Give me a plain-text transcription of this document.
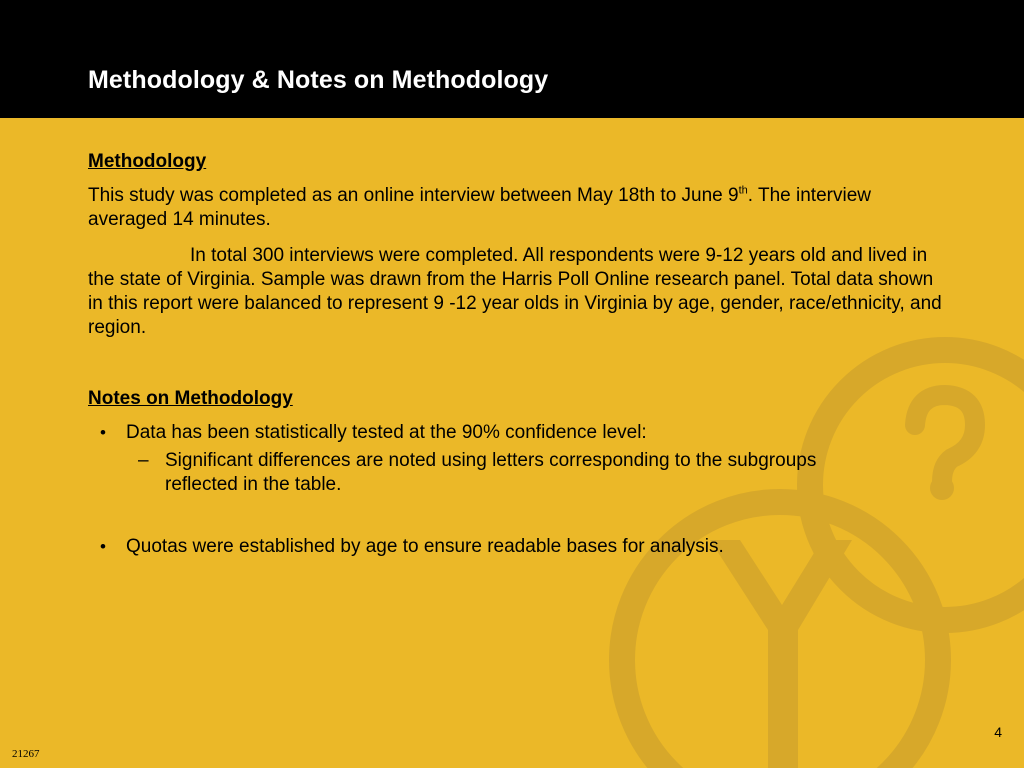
Methodology & Notes on Methodology
Methodology

This study was completed as an online interview between May 18th to June 9th. The interview averaged 14 minutes.

In total 300 interviews were completed. All respondents were 9-12 years old and lived in the state of Virginia. Sample was drawn from the Harris Poll Online research panel. Total data shown in this report were balanced to represent 9 -12 year olds in Virginia by age, gender, race/ethnicity, and region.

Notes on Methodology
• Data has been statistically tested at the 90% confidence level:
– Significant differences are noted using letters corresponding to the subgroups reflected in the table.
• Quotas were established by age to ensure readable bases for analysis.
4
21267
